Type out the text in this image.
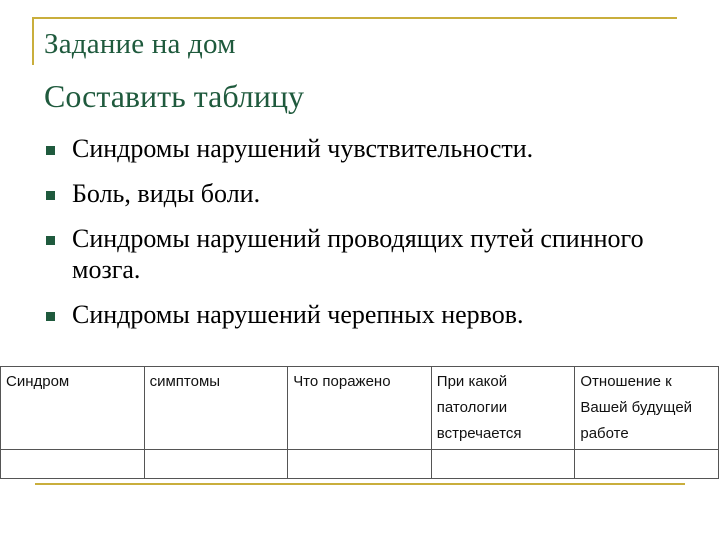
Задание на дом
Составить таблицу
Синдромы нарушений чувствительности.
Боль, виды боли.
Синдромы нарушений проводящих путей спинного мозга.
Синдромы нарушений черепных нервов.
Синдром	симптомы	Что поражено	При какой патологии встречается	Отношение к Вашей будущей работе
